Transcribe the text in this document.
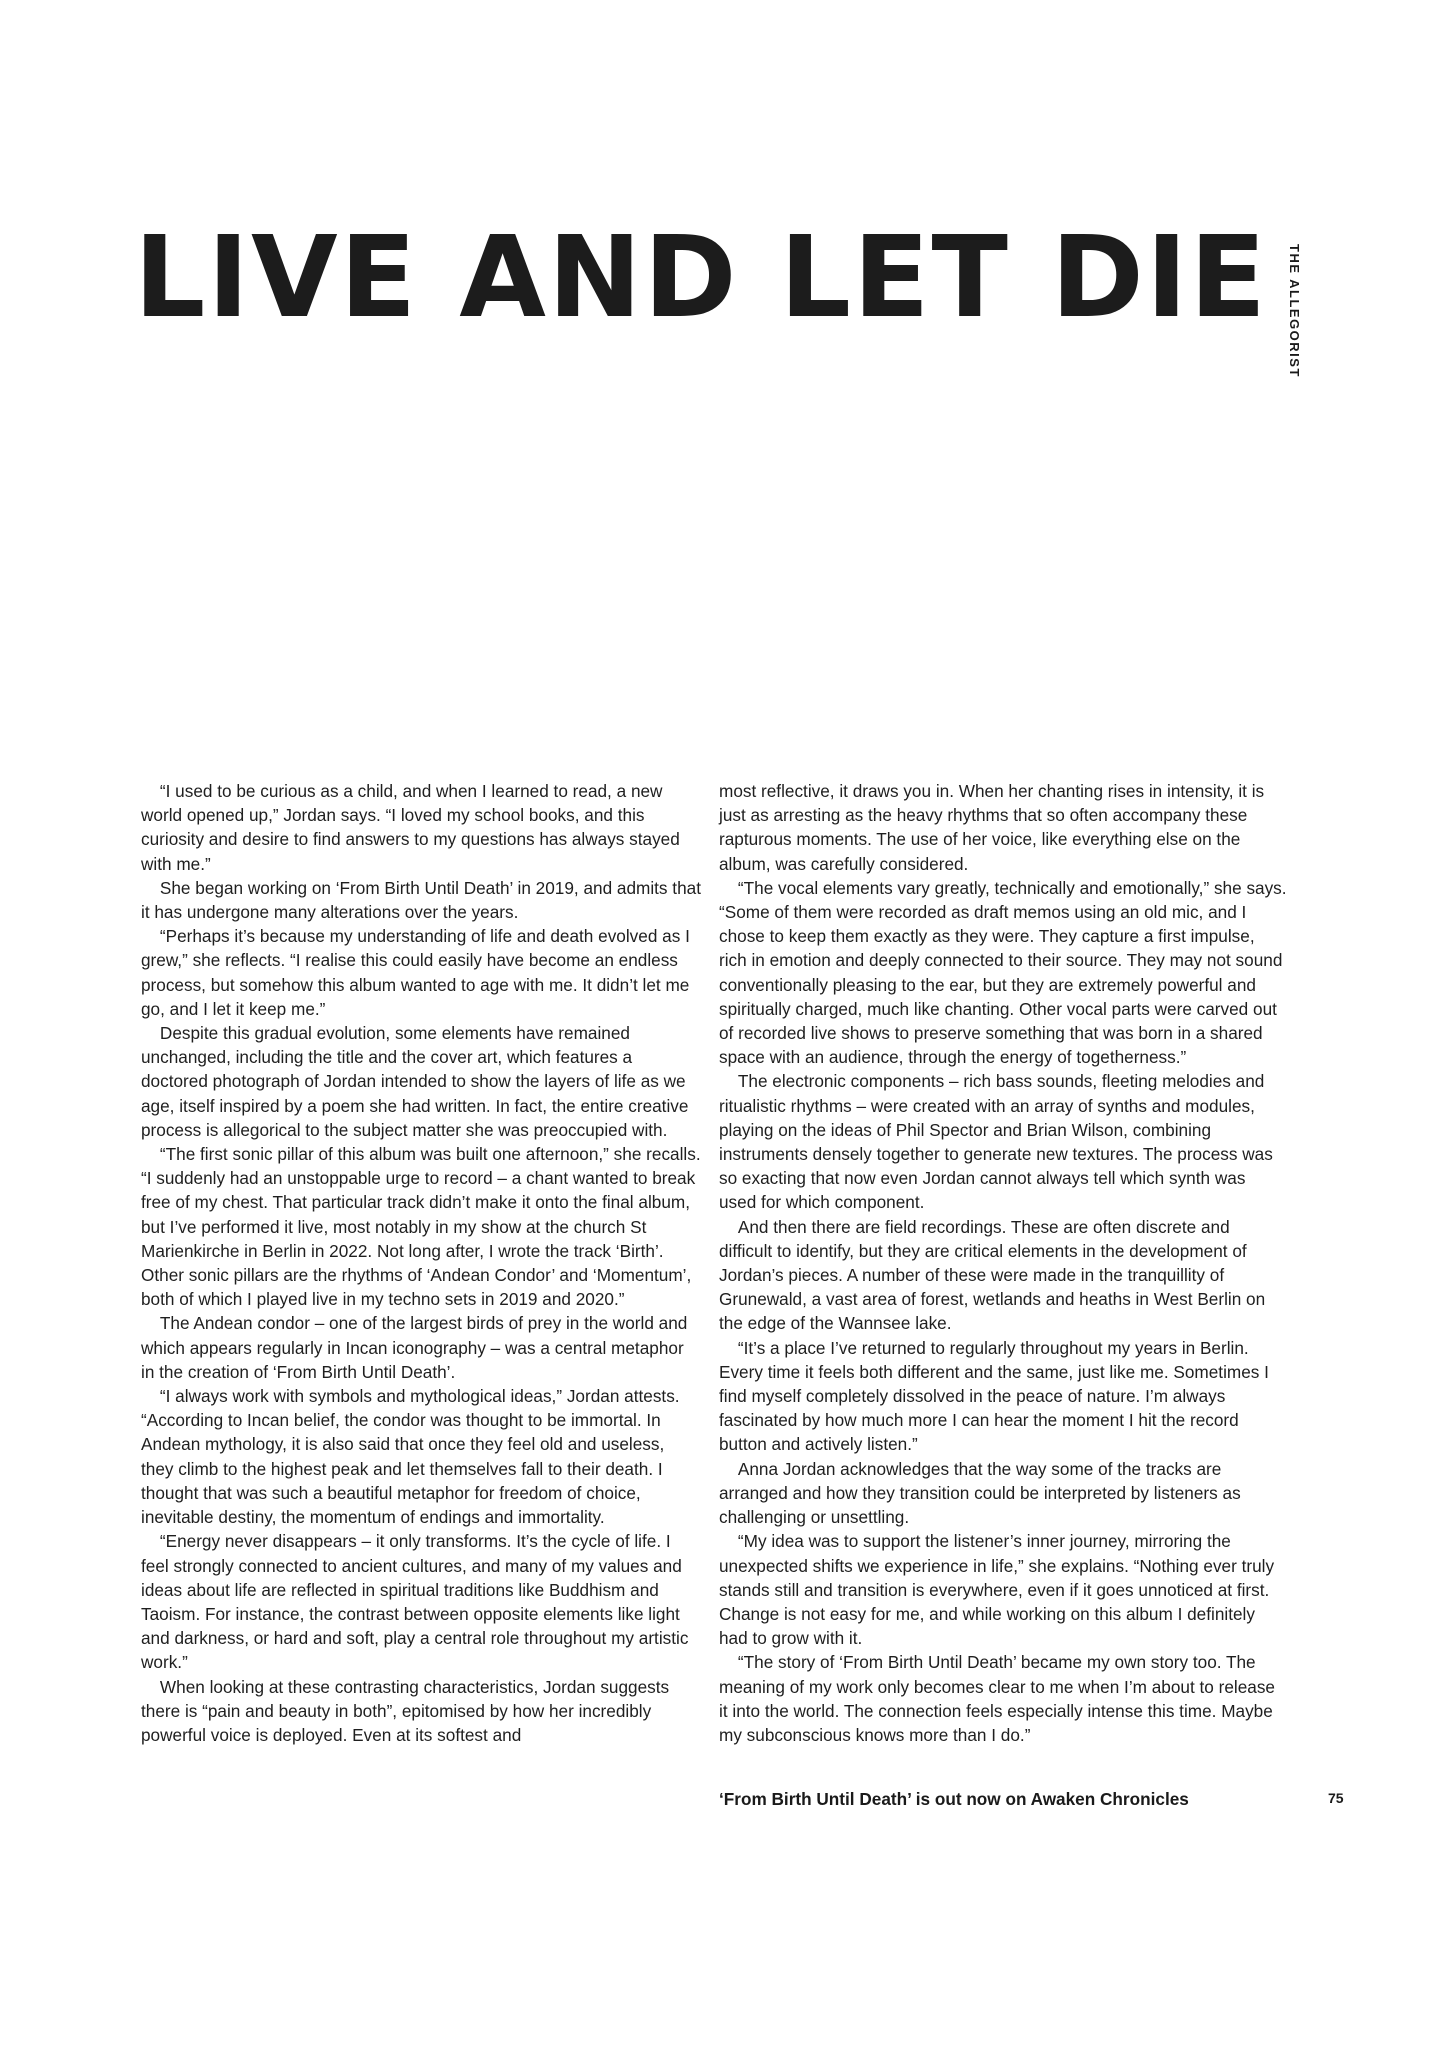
LIVE AND LET DIE	THE ALLEGORIST

“I used to be curious as a child, and when I learned to read, a new world opened up,” Jordan says. “I loved my school books, and this curiosity and desire to find answers to my questions has always stayed with me.”

She began working on ‘From Birth Until Death’ in 2019, and admits that it has undergone many alterations over the years.

“Perhaps it’s because my understanding of life and death evolved as I grew,” she reflects. “I realise this could easily have become an endless process, but somehow this album wanted to age with me. It didn’t let me go, and I let it keep me.”

Despite this gradual evolution, some elements have remained unchanged, including the title and the cover art, which features a doctored photograph of Jordan intended to show the layers of life as we age, itself inspired by a poem she had written. In fact, the entire creative process is allegorical to the subject matter she was preoccupied with.

“The first sonic pillar of this album was built one afternoon,” she recalls. “I suddenly had an unstoppable urge to record – a chant wanted to break free of my chest. That particular track didn’t make it onto the final album, but I’ve performed it live, most notably in my show at the church St Marienkirche in Berlin in 2022. Not long after, I wrote the track ‘Birth’. Other sonic pillars are the rhythms of ‘Andean Condor’ and ‘Momentum’, both of which I played live in my techno sets in 2019 and 2020.”

The Andean condor – one of the largest birds of prey in the world and which appears regularly in Incan iconography – was a central metaphor in the creation of ‘From Birth Until Death’.

“I always work with symbols and mythological ideas,” Jordan attests. “According to Incan belief, the condor was thought to be immortal. In Andean mythology, it is also said that once they feel old and useless, they climb to the highest peak and let themselves fall to their death. I thought that was such a beautiful metaphor for freedom of choice, inevitable destiny, the momentum of endings and immortality.

“Energy never disappears – it only transforms. It’s the cycle of life. I feel strongly connected to ancient cultures, and many of my values and ideas about life are reflected in spiritual traditions like Buddhism and Taoism. For instance, the contrast between opposite elements like light and darkness, or hard and soft, play a central role throughout my artistic work.”

When looking at these contrasting characteristics, Jordan suggests there is “pain and beauty in both”, epitomised by how her incredibly powerful voice is deployed. Even at its softest and

most reflective, it draws you in. When her chanting rises in intensity, it is just as arresting as the heavy rhythms that so often accompany these rapturous moments. The use of her voice, like everything else on the album, was carefully considered.

“The vocal elements vary greatly, technically and emotionally,” she says. “Some of them were recorded as draft memos using an old mic, and I chose to keep them exactly as they were. They capture a first impulse, rich in emotion and deeply connected to their source. They may not sound conventionally pleasing to the ear, but they are extremely powerful and spiritually charged, much like chanting. Other vocal parts were carved out of recorded live shows to preserve something that was born in a shared space with an audience, through the energy of togetherness.”

The electronic components – rich bass sounds, fleeting melodies and ritualistic rhythms – were created with an array of synths and modules, playing on the ideas of Phil Spector and Brian Wilson, combining instruments densely together to generate new textures. The process was so exacting that now even Jordan cannot always tell which synth was used for which component.

And then there are field recordings. These are often discrete and difficult to identify, but they are critical elements in the development of Jordan’s pieces. A number of these were made in the tranquillity of Grunewald, a vast area of forest, wetlands and heaths in West Berlin on the edge of the Wannsee lake.

“It’s a place I’ve returned to regularly throughout my years in Berlin. Every time it feels both different and the same, just like me. Sometimes I find myself completely dissolved in the peace of nature. I’m always fascinated by how much more I can hear the moment I hit the record button and actively listen.”

Anna Jordan acknowledges that the way some of the tracks are arranged and how they transition could be interpreted by listeners as challenging or unsettling.

“My idea was to support the listener’s inner journey, mirroring the unexpected shifts we experience in life,” she explains. “Nothing ever truly stands still and transition is everywhere, even if it goes unnoticed at first. Change is not easy for me, and while working on this album I definitely had to grow with it.

“The story of ‘From Birth Until Death’ became my own story too. The meaning of my work only becomes clear to me when I’m about to release it into the world. The connection feels especially intense this time. Maybe my subconscious knows more than I do.”

‘From Birth Until Death’ is out now on Awaken Chronicles	75
